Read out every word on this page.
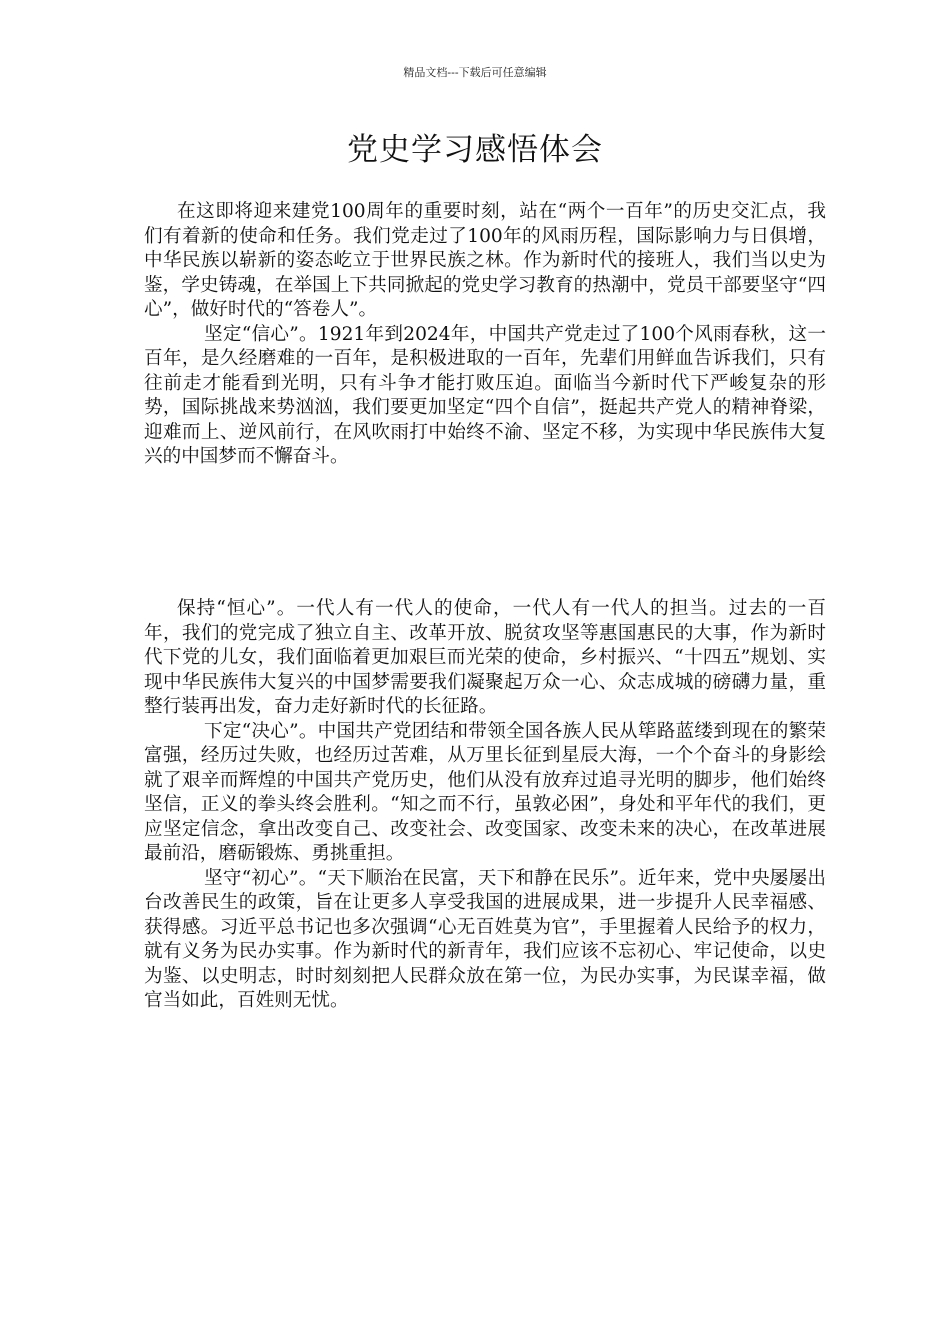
精品文档---下载后可任意编辑
党史学习感悟体会

在这即将迎来建党100周年的重要时刻，站在“两个一百年”的历史交汇点，我们有着新的使命和任务。我们党走过了100年的风雨历程，国际影响力与日俱增，中华民族以崭新的姿态屹立于世界民族之林。作为新时代的接班人，我们当以史为鉴，学史铸魂，在举国上下共同掀起的党史学习教育的热潮中，党员干部要坚守“四心”，做好时代的“答卷人”。

坚定“信心”。1921年到2024年，中国共产党走过了100个风雨春秋，这一百年，是久经磨难的一百年，是积极进取的一百年，先辈们用鲜血告诉我们，只有往前走才能看到光明，只有斗争才能打败压迫。面临当今新时代下严峻复杂的形势，国际挑战来势汹汹，我们要更加坚定“四个自信”，挺起共产党人的精神脊梁，迎难而上、逆风前行，在风吹雨打中始终不渝、坚定不移，为实现中华民族伟大复兴的中国梦而不懈奋斗。

保持“恒心”。一代人有一代人的使命，一代人有一代人的担当。过去的一百年，我们的党完成了独立自主、改革开放、脱贫攻坚等惠国惠民的大事，作为新时代下党的儿女，我们面临着更加艰巨而光荣的使命，乡村振兴、“十四五”规划、实现中华民族伟大复兴的中国梦需要我们凝聚起万众一心、众志成城的磅礴力量，重整行装再出发，奋力走好新时代的长征路。

下定“决心”。中国共产党团结和带领全国各族人民从筚路蓝缕到现在的繁荣富强，经历过失败，也经历过苦难，从万里长征到星辰大海，一个个奋斗的身影绘就了艰辛而辉煌的中国共产党历史，他们从没有放弃过追寻光明的脚步，他们始终坚信，正义的拳头终会胜利。“知之而不行，虽敦必困”，身处和平年代的我们，更应坚定信念，拿出改变自己、改变社会、改变国家、改变未来的决心，在改革进展最前沿，磨砺锻炼、勇挑重担。

坚守“初心”。“天下顺治在民富，天下和静在民乐”。近年来，党中央屡屡出台改善民生的政策，旨在让更多人享受我国的进展成果，进一步提升人民幸福感、获得感。习近平总书记也多次强调“心无百姓莫为官”，手里握着人民给予的权力，就有义务为民办实事。作为新时代的新青年，我们应该不忘初心、牢记使命，以史为鉴、以史明志，时时刻刻把人民群众放在第一位，为民办实事，为民谋幸福，做官当如此，百姓则无忧。
